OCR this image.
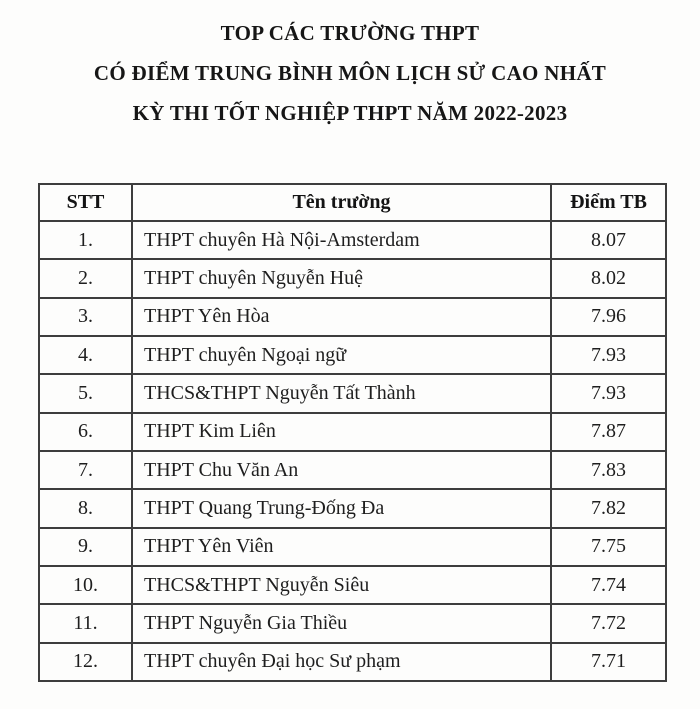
TOP CÁC TRƯỜNG THPT
CÓ ĐIỂM TRUNG BÌNH MÔN LỊCH SỬ CAO NHẤT
KỲ THI TỐT NGHIỆP THPT NĂM 2022-2023
STT	Tên trường	Điểm TB
1.	THPT chuyên Hà Nội-Amsterdam	8.07
2.	THPT chuyên Nguyễn Huệ	8.02
3.	THPT Yên Hòa	7.96
4.	THPT chuyên Ngoại ngữ	7.93
5.	THCS&THPT Nguyễn Tất Thành	7.93
6.	THPT Kim Liên	7.87
7.	THPT Chu Văn An	7.83
8.	THPT Quang Trung-Đống Đa	7.82
9.	THPT Yên Viên	7.75
10.	THCS&THPT Nguyễn Siêu	7.74
11.	THPT Nguyễn Gia Thiều	7.72
12.	THPT chuyên Đại học Sư phạm	7.71
